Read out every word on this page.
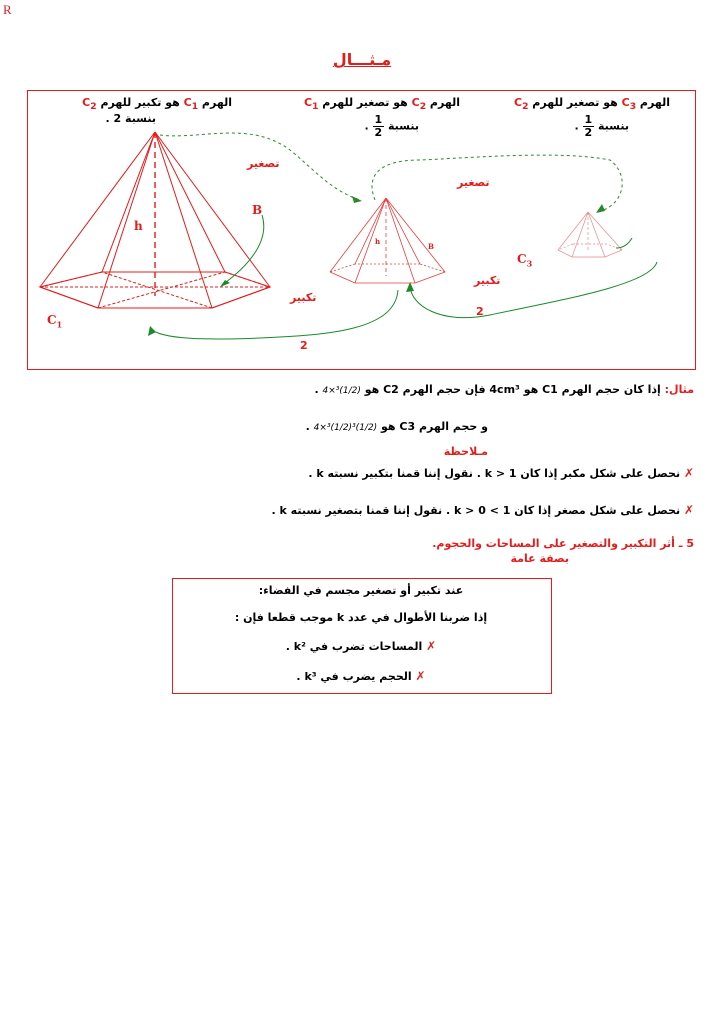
R
مـثـــال
الهرم $C_1$ هو تكبير للهرم $C_2$
بنسبة 2 .
الهرم $C_2$ هو تصغير للهرم $C_1$
بنسبة
$\frac{1}{2}$ .
الهرم $C_3$ هو تصغير للهرم $C_2$
بنسبة
$\frac{1}{2}$ .
h
B
$C_1$
h
B
$C_3$
تصغير
تصغير
تكبير
تكبير
2
2
مثال: إذا كان حجم الهرم C1 هو 4cm³ فإن حجم الهرم C2 هو (1/2)³×4 .
و حجم الهرم C3 هو (1/2)³(1/2)³×4 .
مـلاحظة
✗ نحصل على شكل مكبر إذا كان 1 < k . نقول إننا قمنا بتكبير نسبته k .
✗ نحصل على شكل مصغر إذا كان 1 > k > 0 . نقول إننا قمنا بتصغير نسبته k .
5 ـ أثر التكبير والتصغير على المساحات والحجوم.
بصفة عامة
عند تكبير أو تصغير مجسم في الفضاء:
إذا ضربنا الأطوال في عدد k موجب قطعا فإن :
✗ المساحات تضرب في k² .
✗ الحجم يضرب في k³ .
